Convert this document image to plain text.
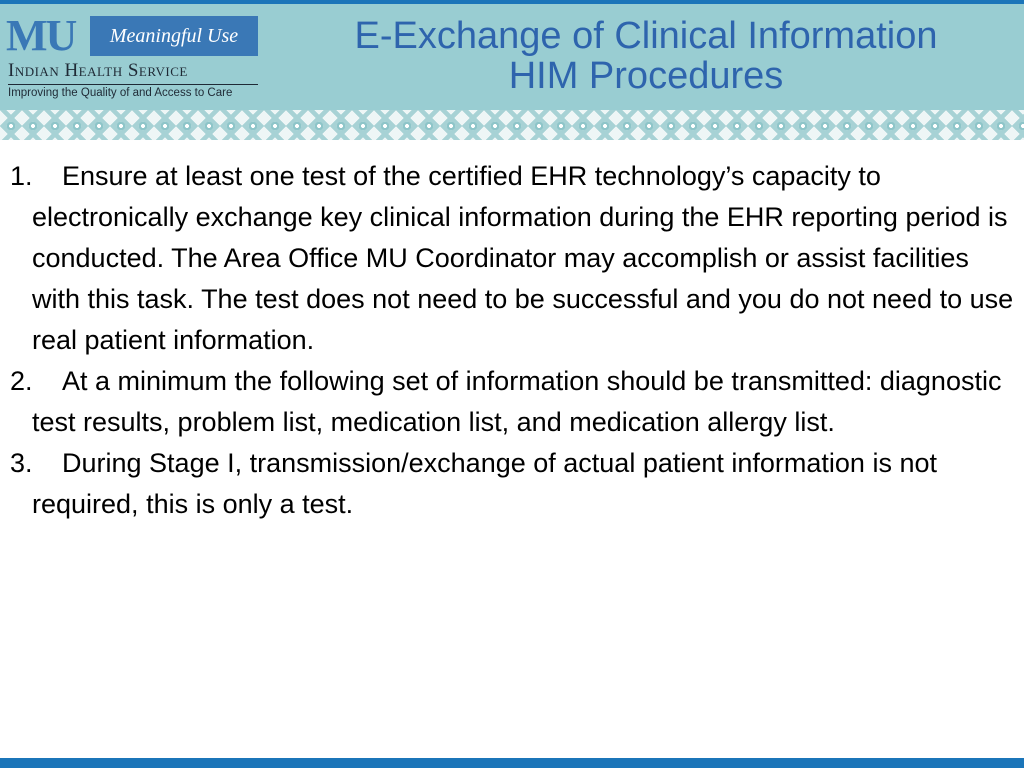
MU Meaningful Use
Indian Health Service
Improving the Quality of and Access to Care
E-Exchange of Clinical Information
HIM Procedures
1. Ensure at least one test of the certified EHR technology’s capacity to electronically exchange key clinical information during the EHR reporting period is conducted. The Area Office MU Coordinator may accomplish or assist facilities with this task. The test does not need to be successful and you do not need to use real patient information.
2. At a minimum the following set of information should be transmitted: diagnostic test results, problem list, medication list, and medication allergy list.
3. During Stage I, transmission/exchange of actual patient information is not required, this is only a test.
